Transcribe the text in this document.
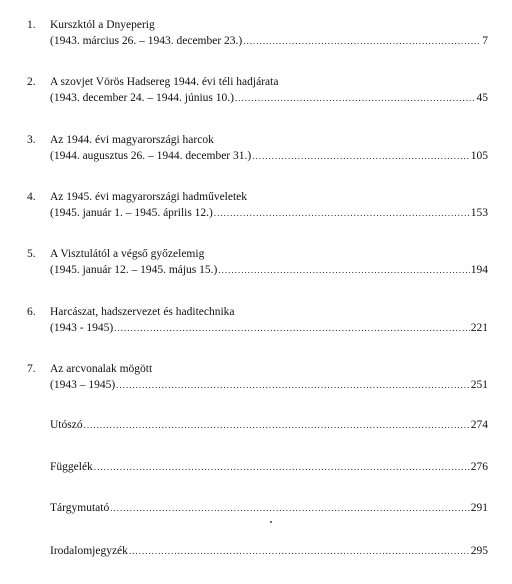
1. Kurszktól a Dnyeperig
(1943. március 26. – 1943. december 23.) .....	7
2. A szovjet Vörös Hadsereg 1944. évi téli hadjárata
(1943. december 24. – 1944. június 10.) .....	45
3. Az 1944. évi magyarországi harcok
(1944. augusztus 26. – 1944. december 31.) .....	105
4. Az 1945. évi magyarországi hadműveletek
(1945. január 1. – 1945. április 12.) .....	153
5. A Visztulától a végső győzelemig
(1945. január 12. – 1945. május 15.) .....	194
6. Harcászat, hadszervezet és haditechnika
(1943 - 1945) .....	221
7. Az arcvonalak mögött
(1943 – 1945) .....	251
Utószó .....	274
Függelék .....	276
Tárgymutató .....	291
Irodalomjegyzék .....	295
